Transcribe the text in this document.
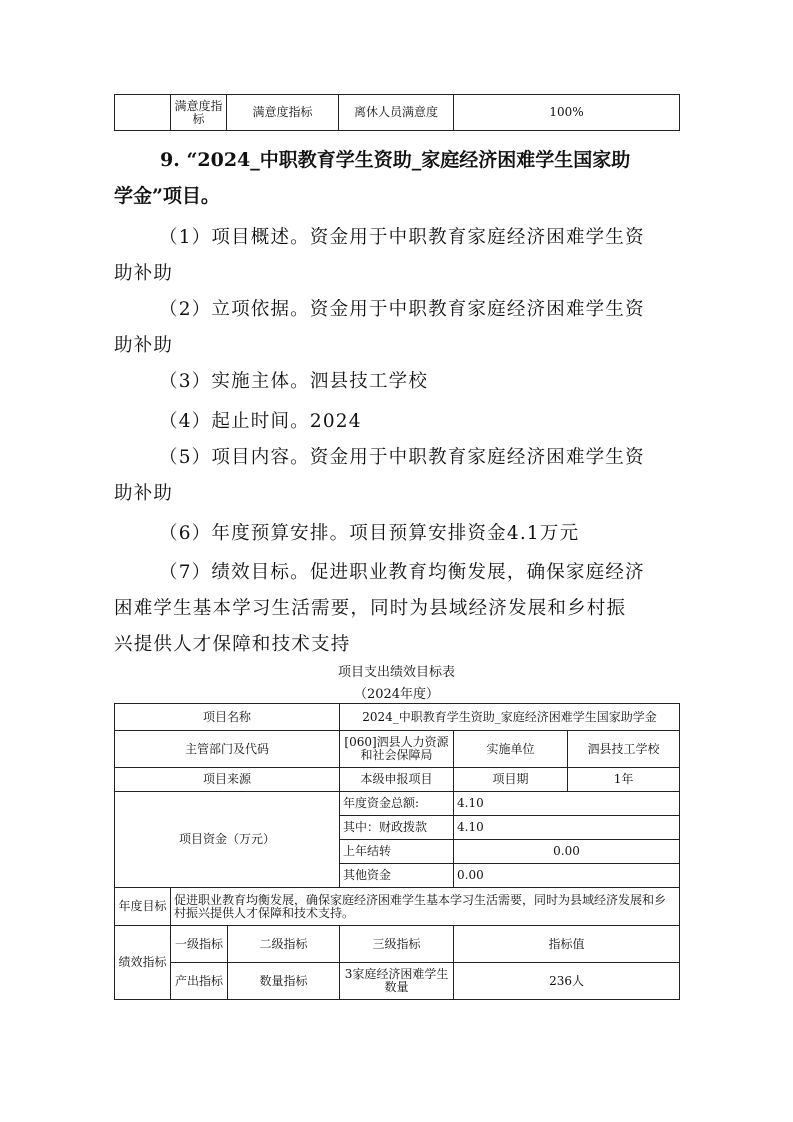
	满意度指标	满意度指标	离休人员满意度	100%
9. “2024_中职教育学生资助_家庭经济困难学生国家助
学金”项目。
（1）项目概述。资金用于中职教育家庭经济困难学生资
助补助
（2）立项依据。资金用于中职教育家庭经济困难学生资
助补助
（3）实施主体。泗县技工学校
（4）起止时间。2024
（5）项目内容。资金用于中职教育家庭经济困难学生资
助补助
（6）年度预算安排。项目预算安排资金4.1万元
（7）绩效目标。促进职业教育均衡发展，确保家庭经济
困难学生基本学习生活需要，同时为县域经济发展和乡村振
兴提供人才保障和技术支持
项目支出绩效目标表
（2024年度）
项目名称			2024_中职教育学生资助_家庭经济困难学生国家助学金		
主管部门及代码			[060]泗县人力资源和社会保障局	实施单位	泗县技工学校
项目来源			本级申报项目	项目期	1年
项目资金（万元）			年度资金总额:	4.10	
			其中：财政拨款	4.10	
			上年结转	0.00	
			其他资金	0.00	
年度目标	促进职业教育均衡发展，确保家庭经济困难学生基本学习生活需要，同时为县域经济发展和乡村振兴提供人才保障和技术支持。				
绩效指标	一级指标	二级指标	三级指标	指标值	
	产出指标	数量指标	3家庭经济困难学生数量	236人	
